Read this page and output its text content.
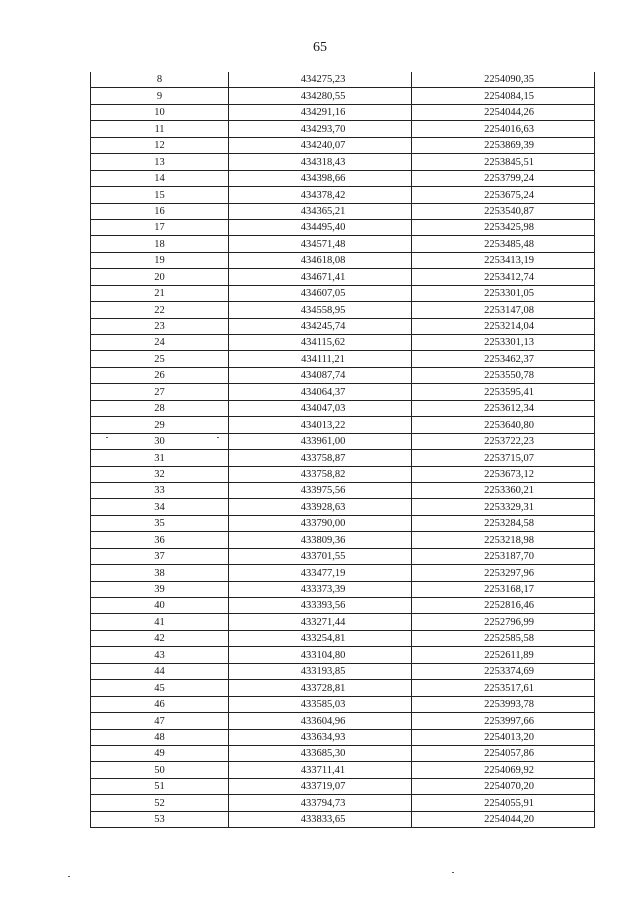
65
8	434275,23	2254090,35
9	434280,55	2254084,15
10	434291,16	2254044,26
11	434293,70	2254016,63
12	434240,07	2253869,39
13	434318,43	2253845,51
14	434398,66	2253799,24
15	434378,42	2253675,24
16	434365,21	2253540,87
17	434495,40	2253425,98
18	434571,48	2253485,48
19	434618,08	2253413,19
20	434671,41	2253412,74
21	434607,05	2253301,05
22	434558,95	2253147,08
23	434245,74	2253214,04
24	434115,62	2253301,13
25	434111,21	2253462,37
26	434087,74	2253550,78
27	434064,37	2253595,41
28	434047,03	2253612,34
29	434013,22	2253640,80
30	433961,00	2253722,23
31	433758,87	2253715,07
32	433758,82	2253673,12
33	433975,56	2253360,21
34	433928,63	2253329,31
35	433790,00	2253284,58
36	433809,36	2253218,98
37	433701,55	2253187,70
38	433477,19	2253297,96
39	433373,39	2253168,17
40	433393,56	2252816,46
41	433271,44	2252796,99
42	433254,81	2252585,58
43	433104,80	2252611,89
44	433193,85	2253374,69
45	433728,81	2253517,61
46	433585,03	2253993,78
47	433604,96	2253997,66
48	433634,93	2254013,20
49	433685,30	2254057,86
50	433711,41	2254069,92
51	433719,07	2254070,20
52	433794,73	2254055,91
53	433833,65	2254044,20
